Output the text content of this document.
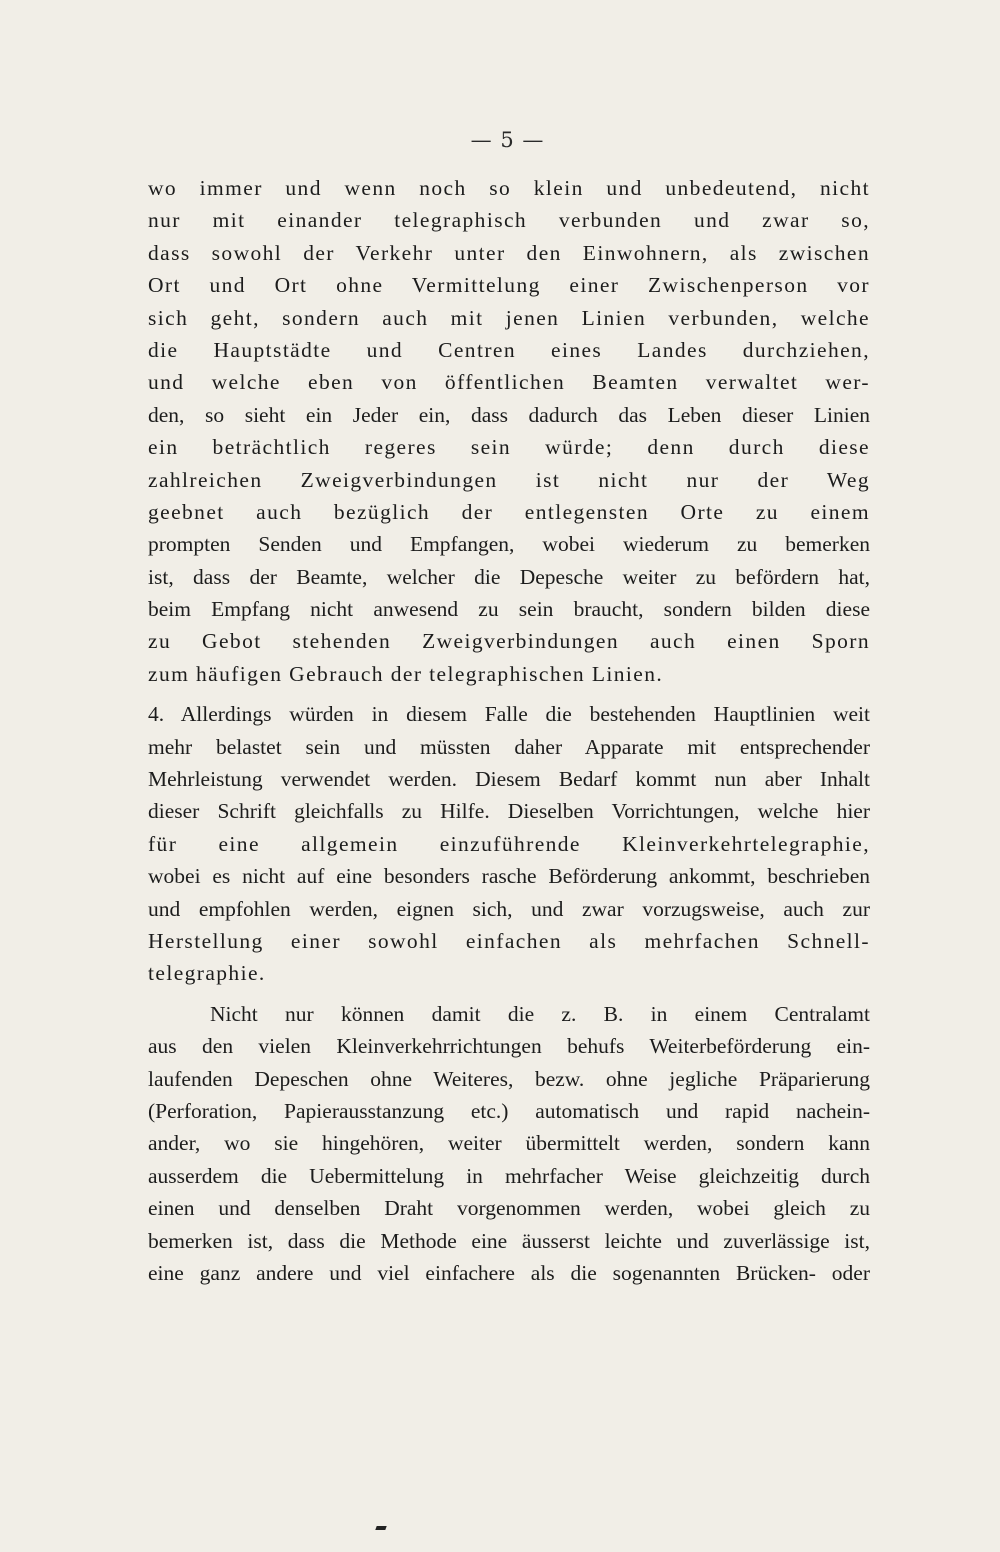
— 5 —
wo immer und wenn noch so klein und unbedeutend, nicht
nur mit einander telegraphisch verbunden und zwar so,
dass sowohl der Verkehr unter den Einwohnern, als zwischen
Ort und Ort ohne Vermittelung einer Zwischenperson vor
sich geht, sondern auch mit jenen Linien verbunden, welche
die Hauptstädte und Centren eines Landes durchziehen,
und welche eben von öffentlichen Beamten verwaltet wer-
den, so sieht ein Jeder ein, dass dadurch das Leben dieser Linien
ein beträchtlich regeres sein würde; denn durch diese
zahlreichen Zweigverbindungen ist nicht nur der Weg
geebnet auch bezüglich der entlegensten Orte zu einem
prompten Senden und Empfangen, wobei wiederum zu bemerken
ist, dass der Beamte, welcher die Depesche weiter zu befördern hat,
beim Empfang nicht anwesend zu sein braucht, sondern bilden diese
zu Gebot stehenden Zweigverbindungen auch einen Sporn
zum häufigen Gebrauch der telegraphischen Linien.
4. Allerdings würden in diesem Falle die bestehenden Hauptlinien weit
mehr belastet sein und müssten daher Apparate mit entsprechender
Mehrleistung verwendet werden. Diesem Bedarf kommt nun aber Inhalt
dieser Schrift gleichfalls zu Hilfe. Dieselben Vorrichtungen, welche hier
für eine allgemein einzuführende Kleinverkehrtelegraphie,
wobei es nicht auf eine besonders rasche Beförderung ankommt, beschrieben
und empfohlen werden, eignen sich, und zwar vorzugsweise, auch zur
Herstellung einer sowohl einfachen als mehrfachen Schnell-
telegraphie.
Nicht nur können damit die z. B. in einem Centralamt
aus den vielen Kleinverkehrrichtungen behufs Weiterbeförderung ein-
laufenden Depeschen ohne Weiteres, bezw. ohne jegliche Präparierung
(Perforation, Papierausstanzung etc.) automatisch und rapid nachein-
ander, wo sie hingehören, weiter übermittelt werden, sondern kann
ausserdem die Uebermittelung in mehrfacher Weise gleichzeitig durch
einen und denselben Draht vorgenommen werden, wobei gleich zu
bemerken ist, dass die Methode eine äusserst leichte und zuverlässige ist,
eine ganz andere und viel einfachere als die sogenannten Brücken- oder
